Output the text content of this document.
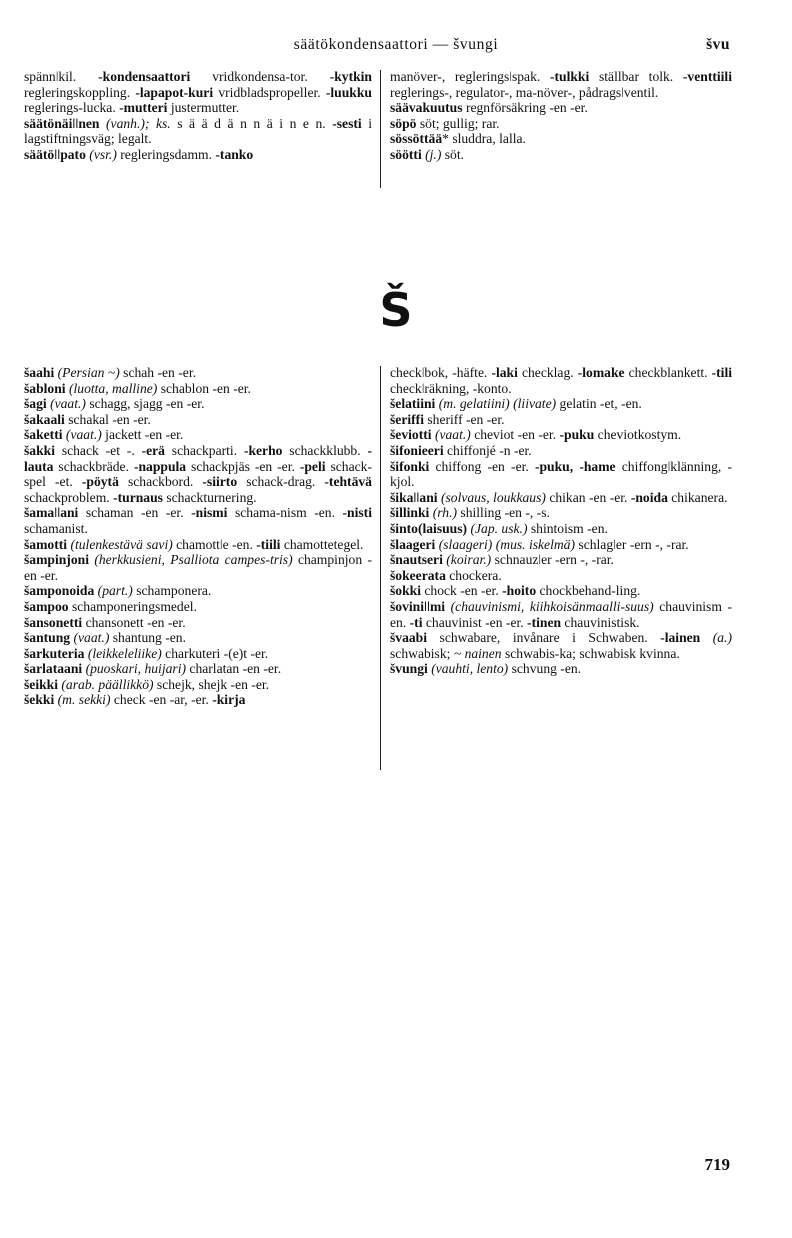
säätökondensaattori — švungi	švu

spännǀkil. -kondensaattori vridkondensa-tor. -kytkin regleringskoppling. -lapapot-kuri vridbladspropeller. -luukku reglerings-lucka. -mutteri justermutter.

säätönäiǀǀnen (vanh.); ks. s ä ä d ä n n ä i n e n. -sesti i lagstiftningsväg; legalt.

säätöǀǀpato (vsr.) regleringsdamm. -tanko

manöver-, regleringsǀspak. -tulkki ställbar tolk. -venttiili reglerings-, regulator-, ma-növer-, pådragsǀventil.

säävakuutus regnförsäkring -en -er.

söpö söt; gullig; rar.

sössöttää* sluddra, lalla.

söötti (j.) söt.

Š

šaahi (Persian ~) schah -en -er.

šabloni (luotta, malline) schablon -en -er.

šagi (vaat.) schagg, sjagg -en -er.

šakaali schakal -en -er.

šaketti (vaat.) jackett -en -er.

šakki schack -et -. -erä schackparti. -kerho schackklubb. -lauta schackbräde. -nappula schackpjäs -en -er. -peli schack-spel -et. -pöytä schackbord. -siirto schack-drag. -tehtävä schackproblem. -turnaus schackturnering.

šamaǀǀani schaman -en -er. -nismi schama-nism -en. -nisti schamanist.

šamotti (tulenkestävä savi) chamottǀe -en. -tiili chamottetegel.

šampinjoni (herkkusieni, Psalliota campes-tris) champinjon -en -er.

šamponoida (part.) schamponera.

šampoo schamponeringsmedel.

šansonetti chansonett -en -er.

šantung (vaat.) shantung -en.

šarkuteria (leikkeleliike) charkuteri -(e)t -er.

šarlataani (puoskari, huijari) charlatan -en -er.

šeikki (arab. päällikkö) schejk, shejk -en -er.

šekki (m. sekki) check -en -ar, -er. -kirja

checkǀbok, -häfte. -laki checklag. -lomake checkblankett. -tili checkǀräkning, -konto.

šelatiini (m. gelatiini) (liivate) gelatin -et, -en.

šeriffi sheriff -en -er.

ševiotti (vaat.) cheviot -en -er. -puku cheviotkostym.

šifonieeri chiffonjé -n -er.

šifonki chiffong -en -er. -puku, -hame chiffongǀklänning, -kjol.

šikaǀǀani (solvaus, loukkaus) chikan -en -er. -noida chikanera.

šillinki (rh.) shilling -en -, -s.

šinto(laisuus) (Jap. usk.) shintoism -en.

šlaageri (slaageri) (mus. iskelmä) schlagǀer -ern -, -rar.

šnautseri (koirar.) schnauzǀer -ern -, -rar.

šokeerata chockera.

šokki chock -en -er. -hoito chockbehand-ling.

šoviniǀǀmi (chauvinismi, kiihkoisänmaalli-suus) chauvinism -en. -ti chauvinist -en -er. -tinen chauvinistisk.

švaabi schwabare, invånare i Schwaben. -lainen (a.) schwabisk; ~ nainen schwabis-ka; schwabisk kvinna.

švungi (vauhti, lento) schvung -en.

719
